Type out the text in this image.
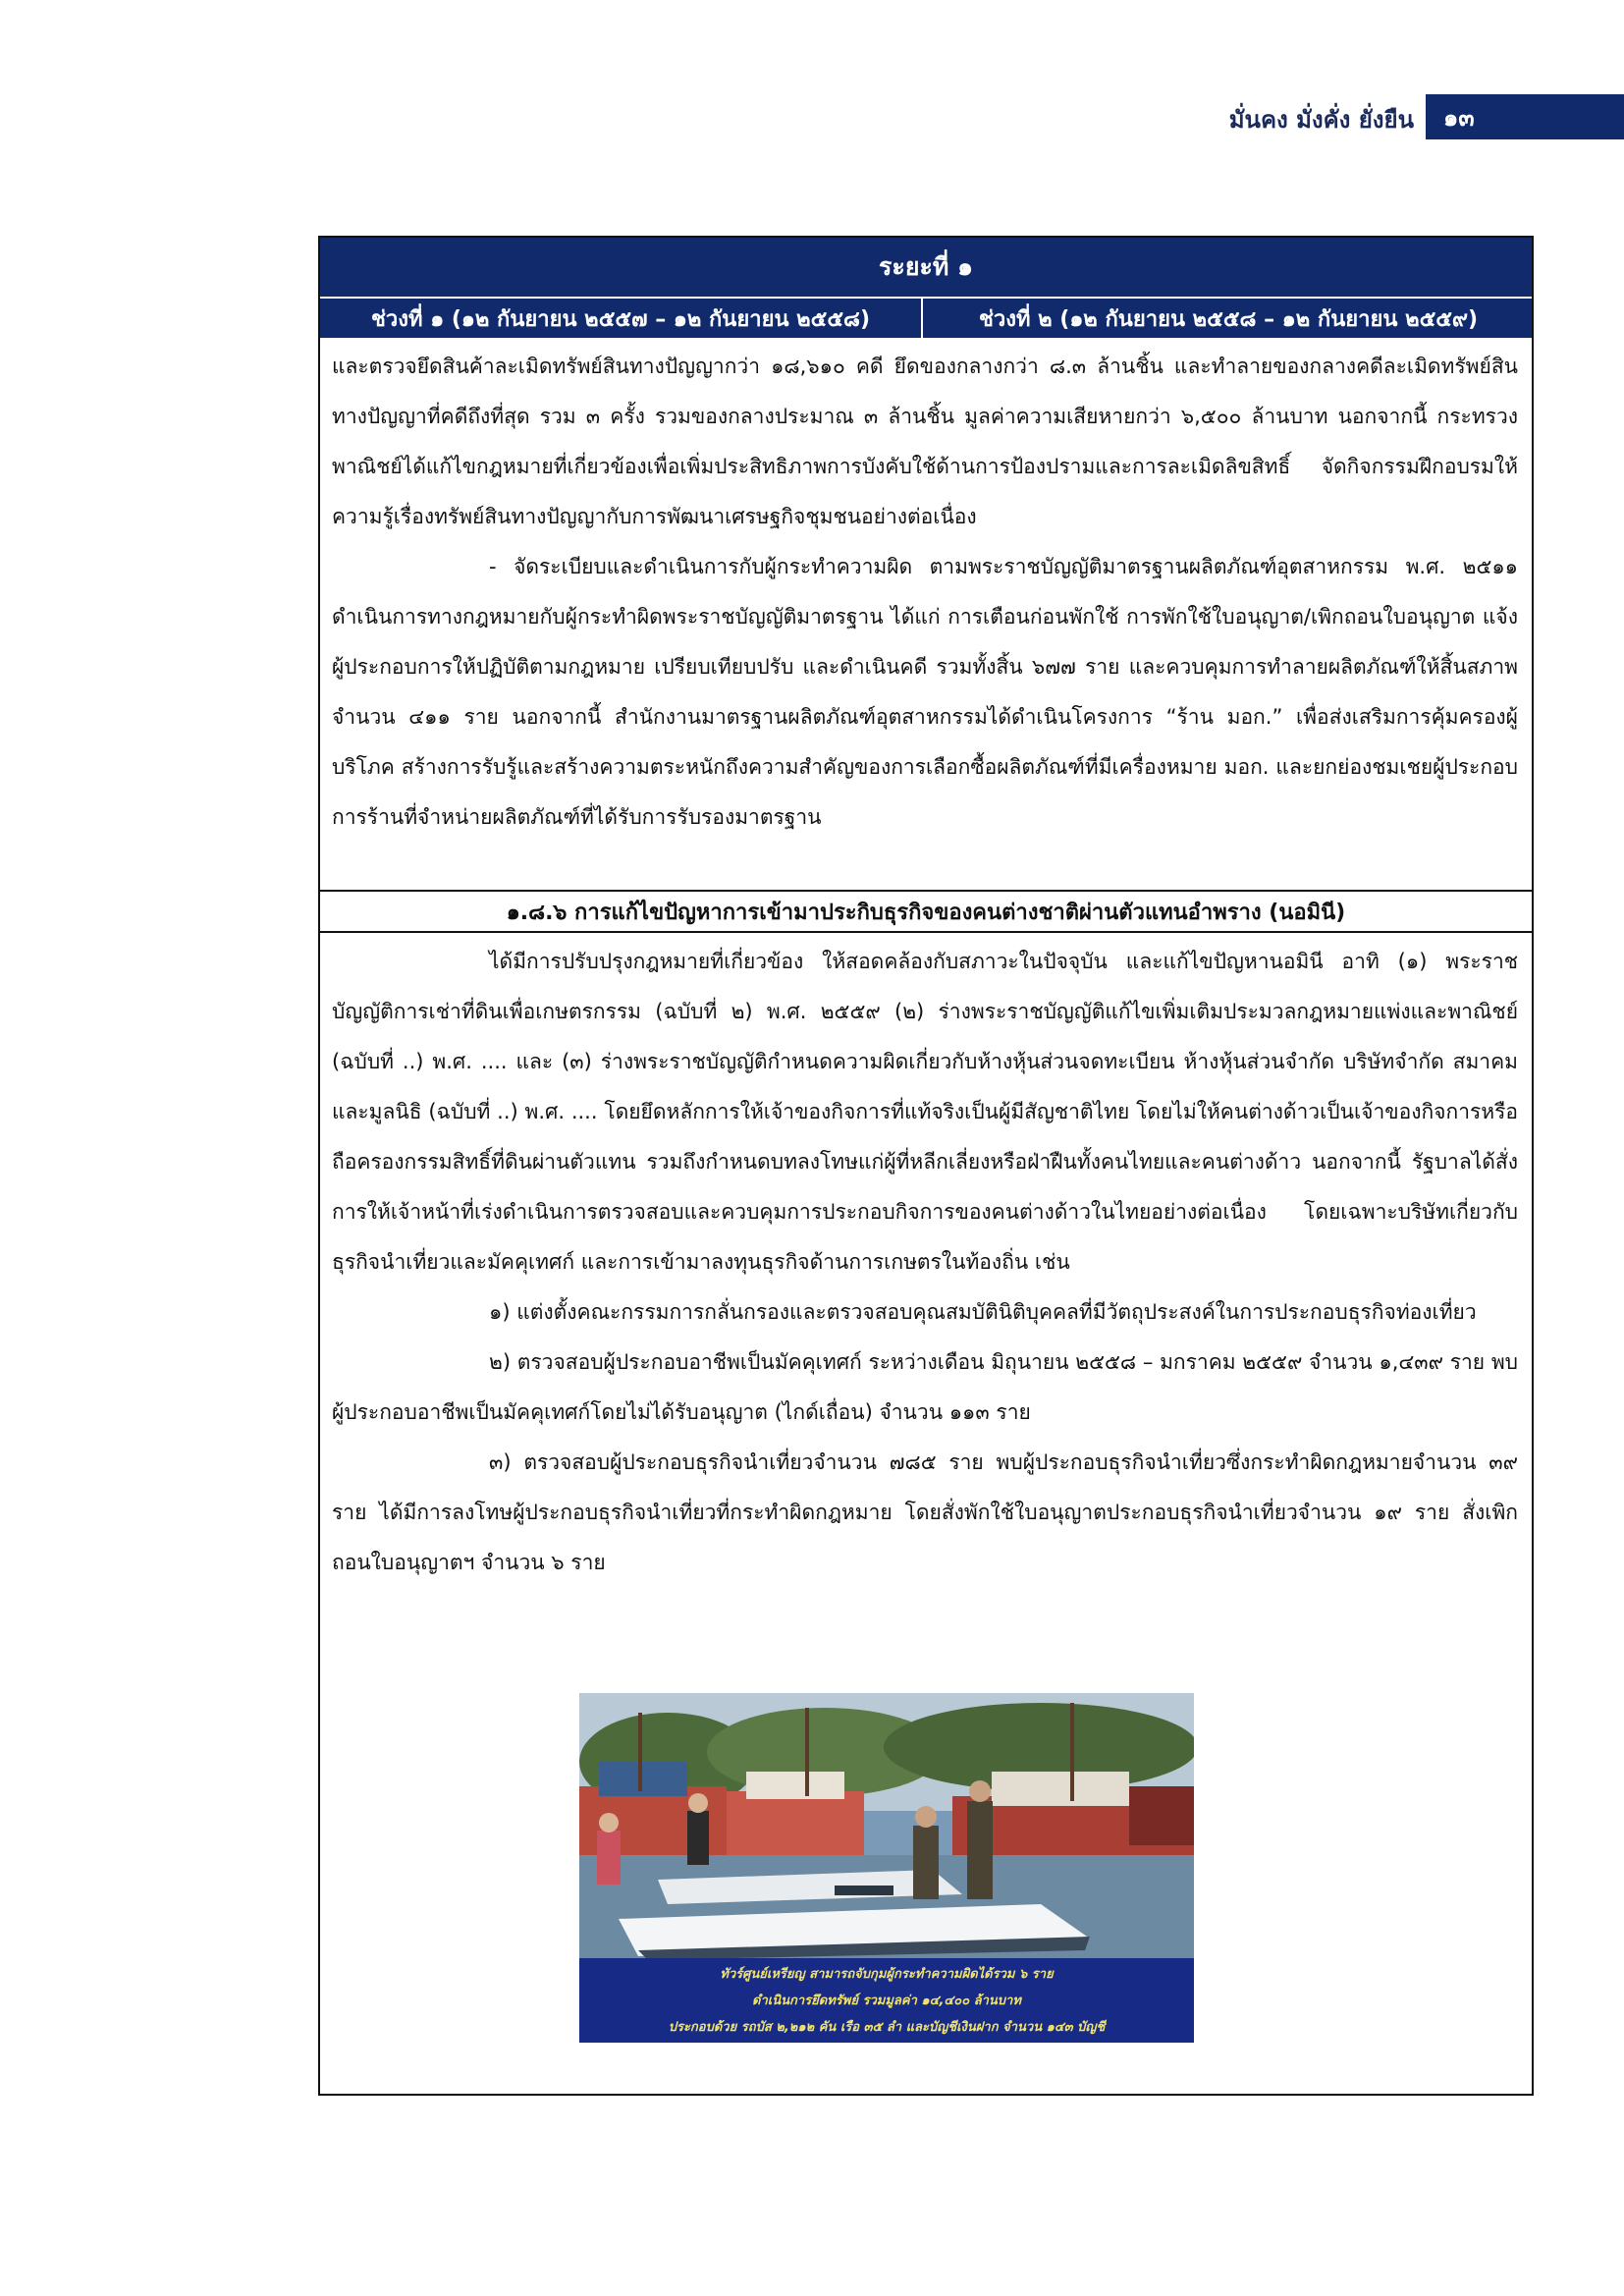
มั่นคง มั่งคั่ง ยั่งยืน	๑๓
ระยะที่ ๑
ช่วงที่ ๑ (๑๒ กันยายน ๒๕๕๗ – ๑๒ กันยายน ๒๕๕๘)	ช่วงที่ ๒ (๑๒ กันยายน ๒๕๕๘ – ๑๒ กันยายน ๒๕๕๙)

และตรวจยึดสินค้าละเมิดทรัพย์สินทางปัญญากว่า ๑๘,๖๑๐ คดี ยึดของกลางกว่า ๘.๓ ล้านชิ้น และทำลายของกลางคดีละเมิดทรัพย์สินทางปัญญาที่คดีถึงที่สุด รวม ๓ ครั้ง รวมของกลางประมาณ ๓ ล้านชิ้น มูลค่าความเสียหายกว่า ๖,๕๐๐ ล้านบาท นอกจากนี้ กระทรวงพาณิชย์ได้แก้ไขกฎหมายที่เกี่ยวข้องเพื่อเพิ่มประสิทธิภาพการบังคับใช้ด้านการป้องปรามและการละเมิดลิขสิทธิ์ จัดกิจกรรมฝึกอบรมให้ความรู้เรื่องทรัพย์สินทางปัญญากับการพัฒนาเศรษฐกิจชุมชนอย่างต่อเนื่อง

- จัดระเบียบและดำเนินการกับผู้กระทำความผิด ตามพระราชบัญญัติมาตรฐานผลิตภัณฑ์อุตสาหกรรม พ.ศ. ๒๕๑๑ ดำเนินการทางกฎหมายกับผู้กระทำผิดพระราชบัญญัติมาตรฐาน ได้แก่ การเตือนก่อนพักใช้ การพักใช้ใบอนุญาต/เพิกถอนใบอนุญาต แจ้งผู้ประกอบการให้ปฏิบัติตามกฎหมาย เปรียบเทียบปรับ และดำเนินคดี รวมทั้งสิ้น ๖๗๗ ราย และควบคุมการทำลายผลิตภัณฑ์ให้สิ้นสภาพ จำนวน ๔๑๑ ราย นอกจากนี้ สำนักงานมาตรฐานผลิตภัณฑ์อุตสาหกรรมได้ดำเนินโครงการ “ร้าน มอก.” เพื่อส่งเสริมการคุ้มครองผู้บริโภค สร้างการรับรู้และสร้างความตระหนักถึงความสำคัญของการเลือกซื้อผลิตภัณฑ์ที่มีเครื่องหมาย มอก. และยกย่องชมเชยผู้ประกอบการร้านที่จำหน่ายผลิตภัณฑ์ที่ได้รับการรับรองมาตรฐาน

๑.๘.๖ การแก้ไขปัญหาการเข้ามาประกิบธุรกิจของคนต่างชาติผ่านตัวแทนอำพราง (นอมินี)

ได้มีการปรับปรุงกฎหมายที่เกี่ยวข้อง ให้สอดคล้องกับสภาวะในปัจจุบัน และแก้ไขปัญหานอมินี อาทิ (๑) พระราชบัญญัติการเช่าที่ดินเพื่อเกษตรกรรม (ฉบับที่ ๒) พ.ศ. ๒๕๕๙ (๒) ร่างพระราชบัญญัติแก้ไขเพิ่มเติมประมวลกฎหมายแพ่งและพาณิชย์ (ฉบับที่ ..) พ.ศ. .... และ (๓) ร่างพระราชบัญญัติกำหนดความผิดเกี่ยวกับห้างหุ้นส่วนจดทะเบียน ห้างหุ้นส่วนจำกัด บริษัทจำกัด สมาคม และมูลนิธิ (ฉบับที่ ..) พ.ศ. .... โดยยึดหลักการให้เจ้าของกิจการที่แท้จริงเป็นผู้มีสัญชาติไทย โดยไม่ให้คนต่างด้าวเป็นเจ้าของกิจการหรือถือครองกรรมสิทธิ์ที่ดินผ่านตัวแทน รวมถึงกำหนดบทลงโทษแก่ผู้ที่หลีกเลี่ยงหรือฝ่าฝืนทั้งคนไทยและคนต่างด้าว นอกจากนี้ รัฐบาลได้สั่งการให้เจ้าหน้าที่เร่งดำเนินการตรวจสอบและควบคุมการประกอบกิจการของคนต่างด้าวในไทยอย่างต่อเนื่อง โดยเฉพาะบริษัทเกี่ยวกับธุรกิจนำเที่ยวและมัคคุเทศก์ และการเข้ามาลงทุนธุรกิจด้านการเกษตรในท้องถิ่น เช่น

๑) แต่งตั้งคณะกรรมการกลั่นกรองและตรวจสอบคุณสมบัตินิติบุคคลที่มีวัตถุประสงค์ในการประกอบธุรกิจท่องเที่ยว

๒) ตรวจสอบผู้ประกอบอาชีพเป็นมัคคุเทศก์ ระหว่างเดือน มิถุนายน ๒๕๕๘ – มกราคม ๒๕๕๙ จำนวน ๑,๔๓๙ ราย พบผู้ประกอบอาชีพเป็นมัคคุเทศก์โดยไม่ได้รับอนุญาต (ไกด์เถื่อน) จำนวน ๑๑๓ ราย

๓) ตรวจสอบผู้ประกอบธุรกิจนำเที่ยวจำนวน ๗๘๕ ราย พบผู้ประกอบธุรกิจนำเที่ยวซึ่งกระทำผิดกฎหมายจำนวน ๓๙ ราย ได้มีการลงโทษผู้ประกอบธุรกิจนำเที่ยวที่กระทำผิดกฎหมาย โดยสั่งพักใช้ใบอนุญาตประกอบธุรกิจนำเที่ยวจำนวน ๑๙ ราย สั่งเพิกถอนใบอนุญาตฯ จำนวน ๖ ราย

ทัวร์ศูนย์เหรียญ สามารถจับกุมผู้กระทำความผิดได้รวม ๖ ราย
ดำเนินการยึดทรัพย์ รวมมูลค่า ๑๔,๔๐๐ ล้านบาท
ประกอบด้วย รถบัส ๒,๒๑๒ คัน เรือ ๓๕ ลำ และบัญชีเงินฝาก จำนวน ๑๔๓ บัญชี
